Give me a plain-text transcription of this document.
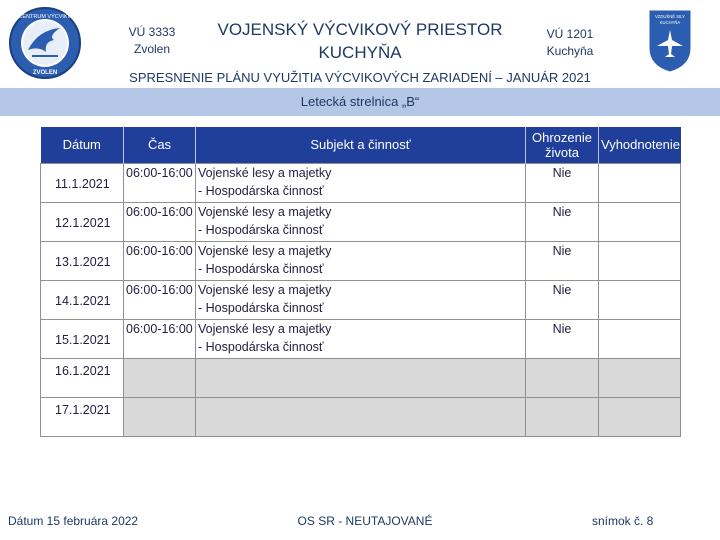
CENTRUM VÝCVIKU
ZVOLEN
VÚ 3333
Zvolen
VOJENSKÝ VÝCVIKOVÝ PRIESTOR
KUCHYŇA
VÚ 1201
Kuchyňa
VZDUŠNÉ SILY
KUCHYŇA
SPRESNENIE PLÁNU VYUŽITIA VÝCVIKOVÝCH ZARIADENÍ – JANUÁR 2021
Letecká strelnica „B“
Dátum	Čas	Subjekt a činnosť	Ohrozenie života	Vyhodnotenie
11.1.2021	06:00-16:00	Vojenské lesy a majetky
- Hospodárska činnosť	Nie	
12.1.2021	06:00-16:00	Vojenské lesy a majetky
- Hospodárska činnosť	Nie	
13.1.2021	06:00-16:00	Vojenské lesy a majetky
- Hospodárska činnosť	Nie	
14.1.2021	06:00-16:00	Vojenské lesy a majetky
- Hospodárska činnosť	Nie	
15.1.2021	06:00-16:00	Vojenské lesy a majetky
- Hospodárska činnosť	Nie	
16.1.2021				
17.1.2021				
Dátum 15 februára 2022	OS SR - NEUTAJOVANÉ	snímok č. 8
